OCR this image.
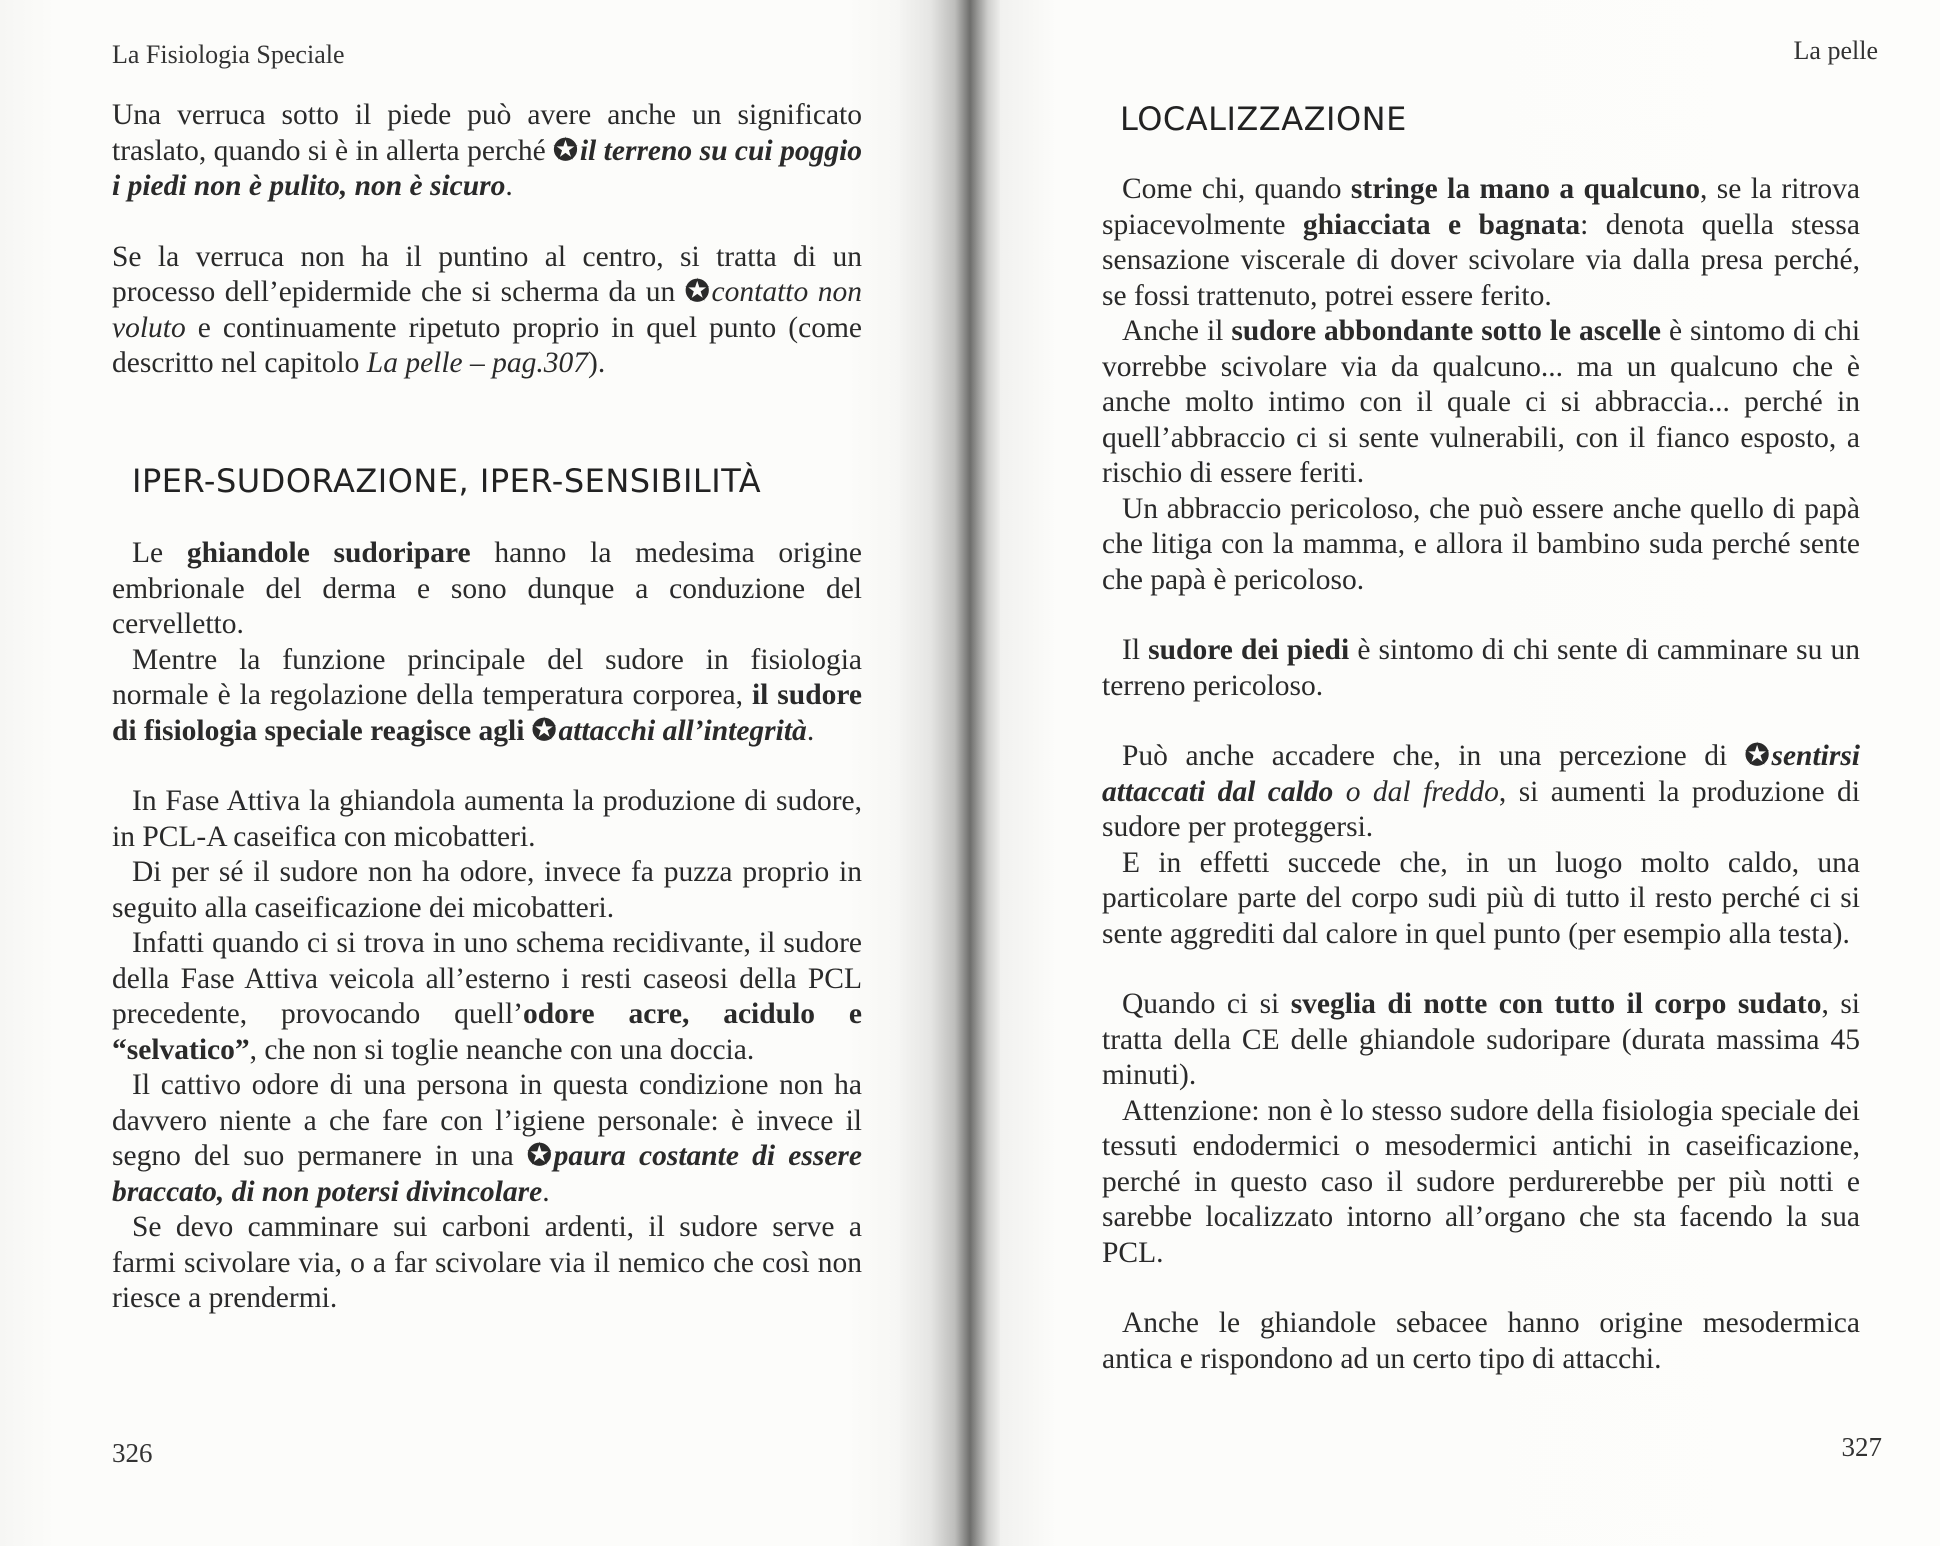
La Fisiologia Speciale

Una verruca sotto il piede può avere anche un significato traslato, quando si è in allerta perché ✪il terreno su cui poggio i piedi non è pulito, non è sicuro.

Se la verruca non ha il puntino al centro, si tratta di un processo dell’epidermide che si scherma da un ✪contatto non voluto e continuamente ripetuto proprio in quel punto (come descritto nel capitolo La pelle – pag.307).

IPER-SUDORAZIONE, IPER-SENSIBILITÀ

Le ghiandole sudoripare hanno la medesima origine embrionale del derma e sono dunque a conduzione del cervelletto.

Mentre la funzione principale del sudore in fisiologia normale è la regolazione della temperatura corporea, il sudore di fisiologia speciale reagisce agli ✪attacchi all’integrità.

In Fase Attiva la ghiandola aumenta la produzione di sudore, in PCL-A caseifica con micobatteri.

Di per sé il sudore non ha odore, invece fa puzza proprio in seguito alla caseificazione dei micobatteri.

Infatti quando ci si trova in uno schema recidivante, il sudore della Fase Attiva veicola all’esterno i resti caseosi della PCL precedente, provocando quell’odore acre, acidulo e “selvatico”, che non si toglie neanche con una doccia.

Il cattivo odore di una persona in questa condizione non ha davvero niente a che fare con l’igiene personale: è invece il segno del suo permanere in una ✪paura costante di essere braccato, di non potersi divincolare.

Se devo camminare sui carboni ardenti, il sudore serve a farmi scivolare via, o a far scivolare via il nemico che così non riesce a prendermi.

326
La pelle
LOCALIZZAZIONE

Come chi, quando stringe la mano a qualcuno, se la ritrova spiacevolmente ghiacciata e bagnata: denota quella stessa sensazione viscerale di dover scivolare via dalla presa perché, se fossi trattenuto, potrei essere ferito.

Anche il sudore abbondante sotto le ascelle è sintomo di chi vorrebbe scivolare via da qualcuno... ma un qualcuno che è anche molto intimo con il quale ci si abbraccia... perché in quell’abbraccio ci si sente vulnerabili, con il fianco esposto, a rischio di essere feriti.

Un abbraccio pericoloso, che può essere anche quello di papà che litiga con la mamma, e allora il bambino suda perché sente che papà è pericoloso.

Il sudore dei piedi è sintomo di chi sente di camminare su un terreno pericoloso.

Può anche accadere che, in una percezione di ✪sentirsi attaccati dal caldo o dal freddo, si aumenti la produzione di sudore per proteggersi.

E in effetti succede che, in un luogo molto caldo, una particolare parte del corpo sudi più di tutto il resto perché ci si sente aggrediti dal calore in quel punto (per esempio alla testa).

Quando ci si sveglia di notte con tutto il corpo sudato, si tratta della CE delle ghiandole sudoripare (durata massima 45 minuti).

Attenzione: non è lo stesso sudore della fisiologia speciale dei tessuti endodermici o mesodermici antichi in caseificazione, perché in questo caso il sudore perdurerebbe per più notti e sarebbe localizzato intorno all’organo che sta facendo la sua PCL.

Anche le ghiandole sebacee hanno origine mesodermica antica e rispondono ad un certo tipo di attacchi.

327
